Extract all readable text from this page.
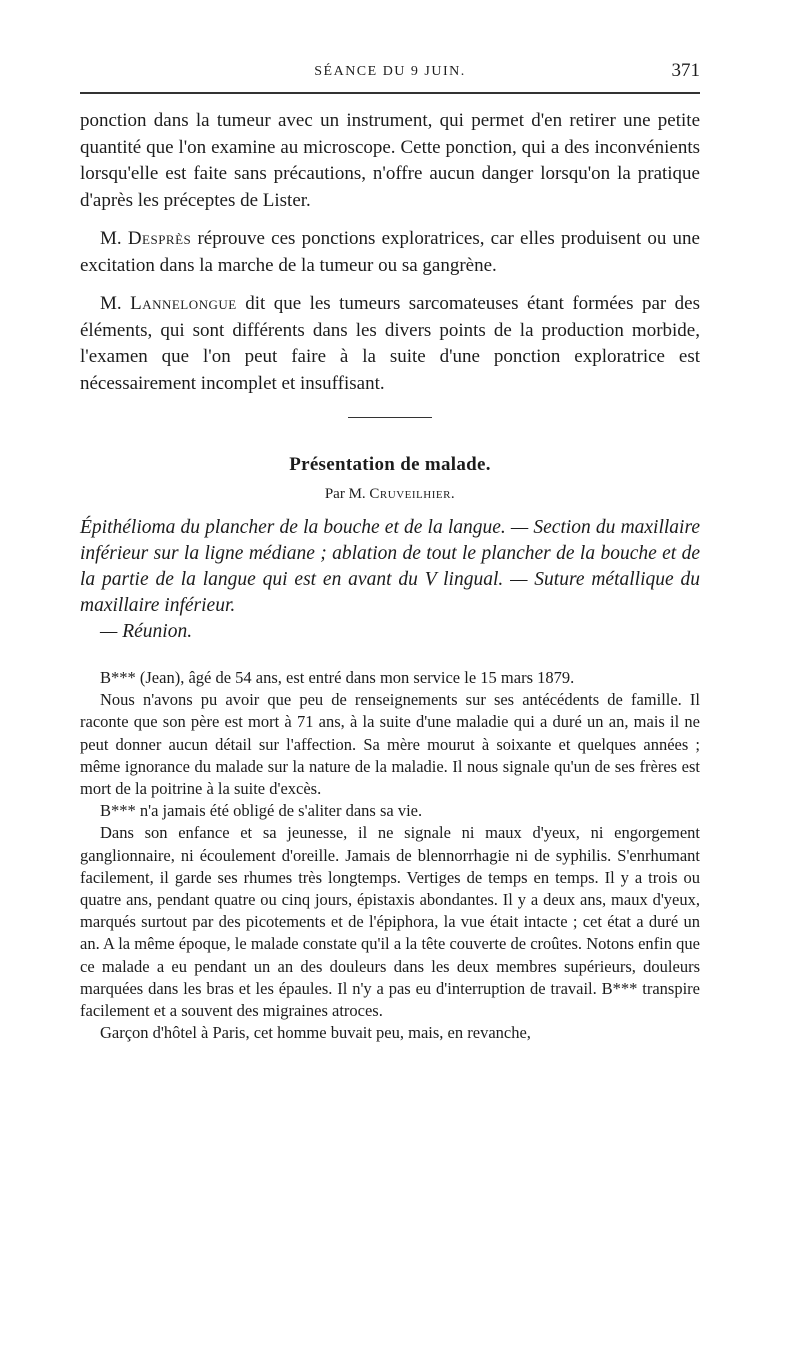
SÉANCE DU 9 JUIN.	371

ponction dans la tumeur avec un instrument, qui permet d'en retirer une petite quantité que l'on examine au microscope. Cette ponction, qui a des inconvénients lorsqu'elle est faite sans précautions, n'offre aucun danger lorsqu'on la pratique d'après les préceptes de Lister.

M. Desprès réprouve ces ponctions exploratrices, car elles produisent ou une excitation dans la marche de la tumeur ou sa gangrène.

M. Lannelongue dit que les tumeurs sarcomateuses étant formées par des éléments, qui sont différents dans les divers points de la production morbide, l'examen que l'on peut faire à la suite d'une ponction exploratrice est nécessairement incomplet et insuffisant.

Présentation de malade.
Par M. Cruveilhier.
Épithélioma du plancher de la bouche et de la langue. — Section du maxillaire inférieur sur la ligne médiane ; ablation de tout le plancher de la bouche et de la partie de la langue qui est en avant du V lingual. — Suture métallique du maxillaire inférieur.
— Réunion.

B*** (Jean), âgé de 54 ans, est entré dans mon service le 15 mars 1879.

Nous n'avons pu avoir que peu de renseignements sur ses antécédents de famille. Il raconte que son père est mort à 71 ans, à la suite d'une maladie qui a duré un an, mais il ne peut donner aucun détail sur l'affection. Sa mère mourut à soixante et quelques années ; même ignorance du malade sur la nature de la maladie. Il nous signale qu'un de ses frères est mort de la poitrine à la suite d'excès.

B*** n'a jamais été obligé de s'aliter dans sa vie.

Dans son enfance et sa jeunesse, il ne signale ni maux d'yeux, ni engorgement ganglionnaire, ni écoulement d'oreille. Jamais de blennorrhagie ni de syphilis. S'enrhumant facilement, il garde ses rhumes très longtemps. Vertiges de temps en temps. Il y a trois ou quatre ans, pendant quatre ou cinq jours, épistaxis abondantes. Il y a deux ans, maux d'yeux, marqués surtout par des picotements et de l'épiphora, la vue était intacte ; cet état a duré un an. A la même époque, le malade constate qu'il a la tête couverte de croûtes. Notons enfin que ce malade a eu pendant un an des douleurs dans les deux membres supérieurs, douleurs marquées dans les bras et les épaules. Il n'y a pas eu d'interruption de travail. B*** transpire facilement et a souvent des migraines atroces.

Garçon d'hôtel à Paris, cet homme buvait peu, mais, en revanche,
